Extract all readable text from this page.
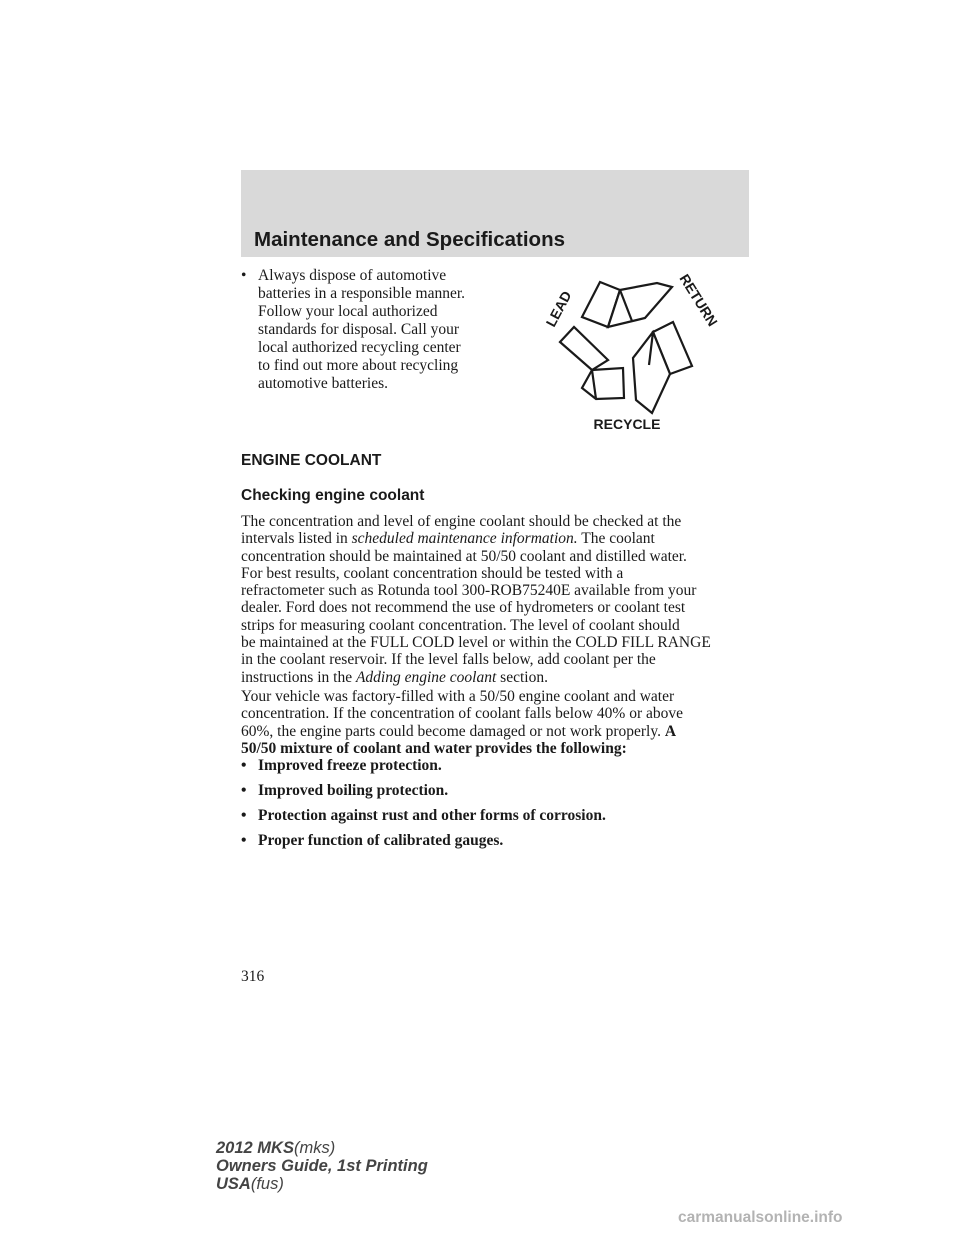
Maintenance and Specifications
• Always dispose of automotive
batteries in a responsible manner.
Follow your local authorized
standards for disposal. Call your
local authorized recycling center
to find out more about recycling
automotive batteries.
LEAD	RETURN
RECYCLE
ENGINE COOLANT
Checking engine coolant
The concentration and level of engine coolant should be checked at the
intervals listed in scheduled maintenance information. The coolant
concentration should be maintained at 50/50 coolant and distilled water.
For best results, coolant concentration should be tested with a
refractometer such as Rotunda tool 300-ROB75240E available from your
dealer. Ford does not recommend the use of hydrometers or coolant test
strips for measuring coolant concentration. The level of coolant should
be maintained at the FULL COLD level or within the COLD FILL RANGE
in the coolant reservoir. If the level falls below, add coolant per the
instructions in the Adding engine coolant section.
Your vehicle was factory-filled with a 50/50 engine coolant and water
concentration. If the concentration of coolant falls below 40% or above
60%, the engine parts could become damaged or not work properly. A
50/50 mixture of coolant and water provides the following:
• Improved freeze protection.
• Improved boiling protection.
• Protection against rust and other forms of corrosion.
• Proper function of calibrated gauges.
316
2012 MKS(mks)
Owners Guide, 1st Printing
USA(fus)
carmanualsonline.info
